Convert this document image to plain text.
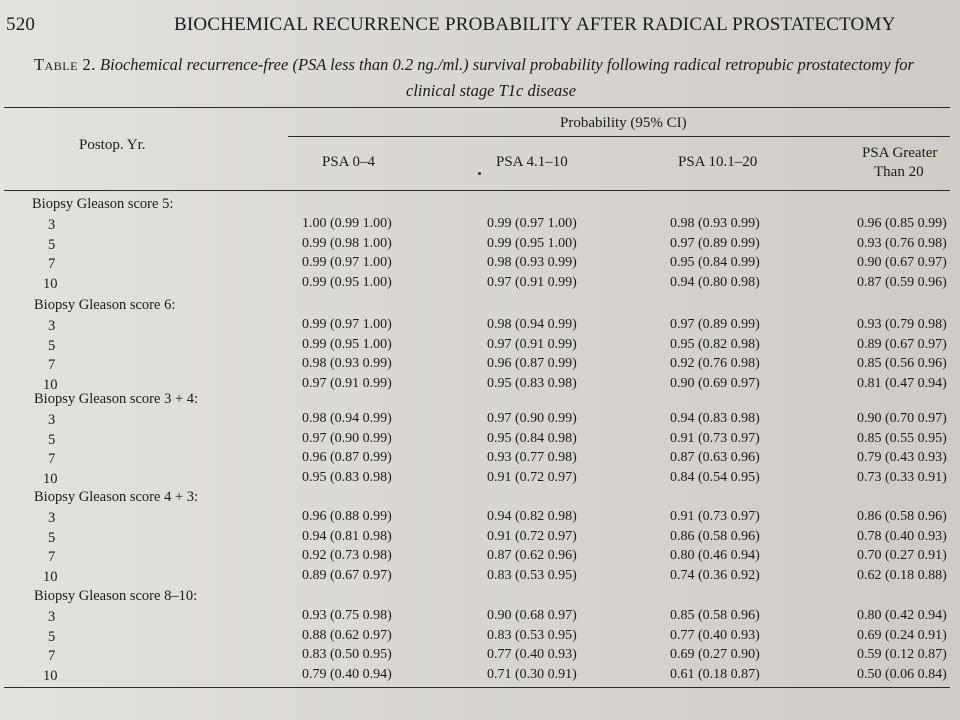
520	BIOCHEMICAL RECURRENCE PROBABILITY AFTER RADICAL PROSTATECTOMY
Table 2. Biochemical recurrence-free (PSA less than 0.2 ng./ml.) survival probability following radical retropubic prostatectomy for
clinical stage T1c disease
Postop. Yr.
Probability (95% CI)
PSA 0–4	PSA 4.1–10	PSA 10.1–20
PSA Greater
Than 20
Biopsy Gleason score 5:
3	1.00 (0.99 1.00)	0.99 (0.97 1.00)	0.98 (0.93 0.99)	0.96 (0.85 0.99)
5	0.99 (0.98 1.00)	0.99 (0.95 1.00)	0.97 (0.89 0.99)	0.93 (0.76 0.98)
7	0.99 (0.97 1.00)	0.98 (0.93 0.99)	0.95 (0.84 0.99)	0.90 (0.67 0.97)
10	0.99 (0.95 1.00)	0.97 (0.91 0.99)	0.94 (0.80 0.98)	0.87 (0.59 0.96)
Biopsy Gleason score 6:
3	0.99 (0.97 1.00)	0.98 (0.94 0.99)	0.97 (0.89 0.99)	0.93 (0.79 0.98)
5	0.99 (0.95 1.00)	0.97 (0.91 0.99)	0.95 (0.82 0.98)	0.89 (0.67 0.97)
7	0.98 (0.93 0.99)	0.96 (0.87 0.99)	0.92 (0.76 0.98)	0.85 (0.56 0.96)
10	0.97 (0.91 0.99)	0.95 (0.83 0.98)	0.90 (0.69 0.97)	0.81 (0.47 0.94)
Biopsy Gleason score 3 + 4:
3	0.98 (0.94 0.99)	0.97 (0.90 0.99)	0.94 (0.83 0.98)	0.90 (0.70 0.97)
5	0.97 (0.90 0.99)	0.95 (0.84 0.98)	0.91 (0.73 0.97)	0.85 (0.55 0.95)
7	0.96 (0.87 0.99)	0.93 (0.77 0.98)	0.87 (0.63 0.96)	0.79 (0.43 0.93)
10	0.95 (0.83 0.98)	0.91 (0.72 0.97)	0.84 (0.54 0.95)	0.73 (0.33 0.91)
Biopsy Gleason score 4 + 3:
3	0.96 (0.88 0.99)	0.94 (0.82 0.98)	0.91 (0.73 0.97)	0.86 (0.58 0.96)
5	0.94 (0.81 0.98)	0.91 (0.72 0.97)	0.86 (0.58 0.96)	0.78 (0.40 0.93)
7	0.92 (0.73 0.98)	0.87 (0.62 0.96)	0.80 (0.46 0.94)	0.70 (0.27 0.91)
10	0.89 (0.67 0.97)	0.83 (0.53 0.95)	0.74 (0.36 0.92)	0.62 (0.18 0.88)
Biopsy Gleason score 8–10:
3	0.93 (0.75 0.98)	0.90 (0.68 0.97)	0.85 (0.58 0.96)	0.80 (0.42 0.94)
5	0.88 (0.62 0.97)	0.83 (0.53 0.95)	0.77 (0.40 0.93)	0.69 (0.24 0.91)
7	0.83 (0.50 0.95)	0.77 (0.40 0.93)	0.69 (0.27 0.90)	0.59 (0.12 0.87)
10	0.79 (0.40 0.94)	0.71 (0.30 0.91)	0.61 (0.18 0.87)	0.50 (0.06 0.84)
